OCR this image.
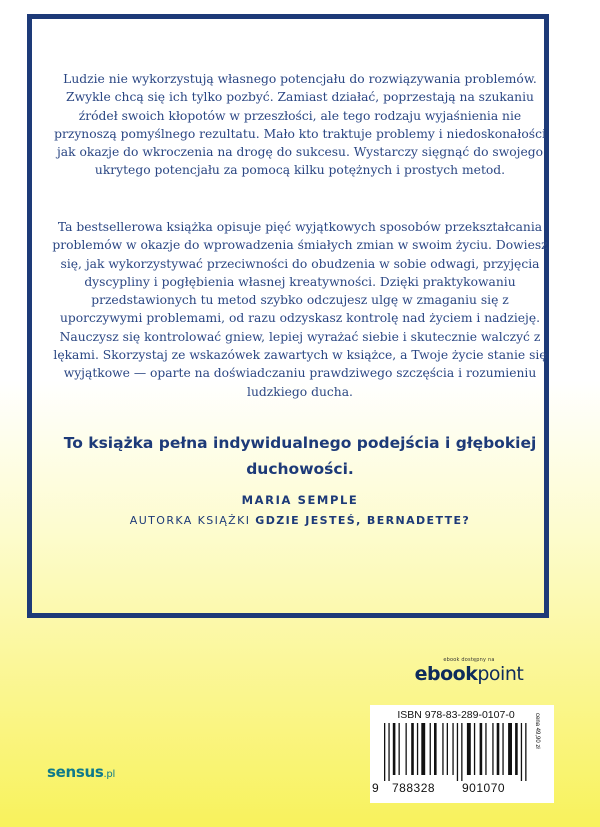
Ludzie nie wykorzystują własnego potencjału do rozwiązywania problemów. Zwykle chcą się ich tylko pozbyć. Zamiast działać, poprzestają na szukaniu źródeł swoich kłopotów w przeszłości, ale tego rodzaju wyjaśnienia nie przynoszą pomyślnego rezultatu. Mało kto traktuje problemy i niedoskonałości jak okazje do wkroczenia na drogę do sukcesu. Wystarczy sięgnąć do swojego ukrytego potencjału za pomocą kilku potężnych i prostych metod.

Ta bestsellerowa książka opisuje pięć wyjątkowych sposobów przekształcania problemów w okazje do wprowadzenia śmiałych zmian w swoim życiu. Dowiesz się, jak wykorzystywać przeciwności do obudzenia w sobie odwagi, przyjęcia dyscypliny i pogłębienia własnej kreatywności. Dzięki praktykowaniu przedstawionych tu metod szybko odczujesz ulgę w zmaganiu się z uporczywymi problemami, od razu odzyskasz kontrolę nad życiem i nadzieję. Nauczysz się kontrolować gniew, lepiej wyrażać siebie i skutecznie walczyć z lękami. Skorzystaj ze wskazówek zawartych w książce, a Twoje życie stanie się wyjątkowe — oparte na doświadczaniu prawdziwego szczęścia i rozumieniu ludzkiego ducha.

To książka pełna indywidualnego podejścia i głębokiej duchowości.

MARIA SEMPLE
AUTORKA KSIĄŻKI GDZIE JESTEŚ, BERNADETTE?
ebook dostępny na
ebookpoint
ISBN 978-83-289-0107-0	cena 49,90 zł
9 788328 901070
sensus.pl
